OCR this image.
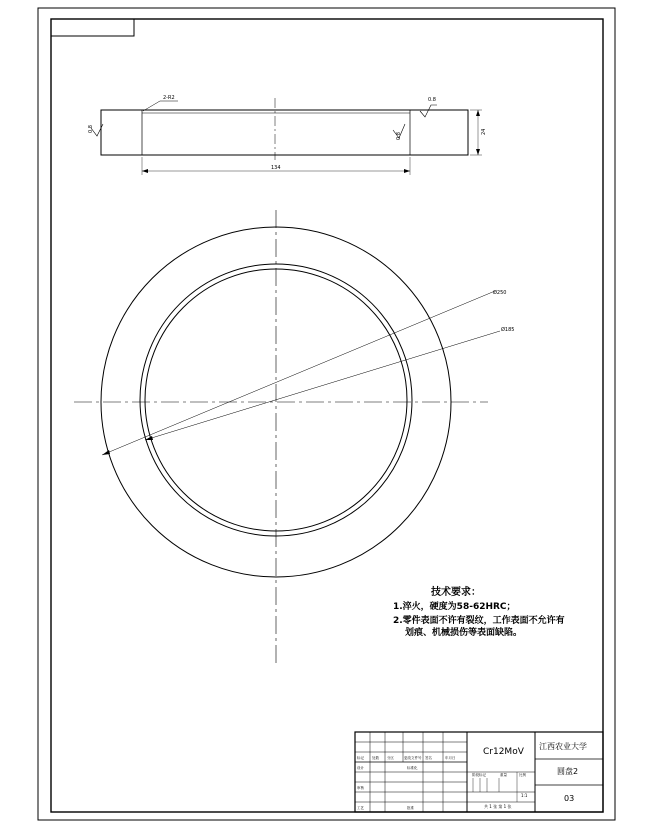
Cr12MoV
江西农业大学
圆盘2
03
1:1
共 1 张 第 1 张
阶段标记	重量	比例
标记 处数 分区	更改文件号 签名	年月日
设计	标准化
审核
工艺	批准
2-R2	0.8
0.8
0.8
24
134
Ø250
Ø185
技术要求：
1.淬火，硬度为58-62HRC；
2.零件表面不许有裂纹，工作表面不允许有
划痕、机械损伤等表面缺陷。
